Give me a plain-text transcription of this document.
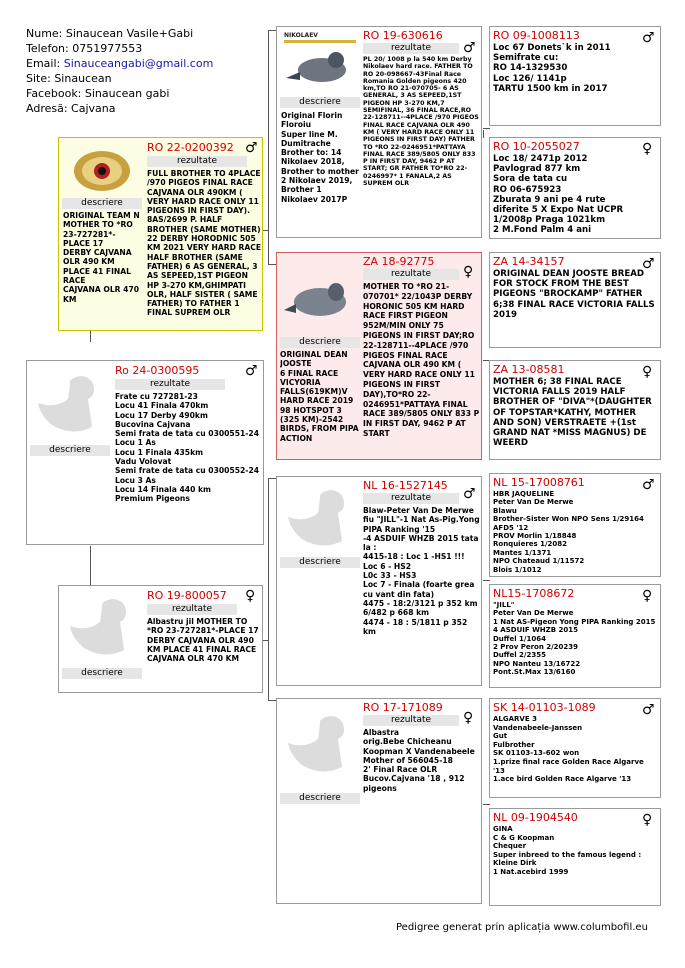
Nume: Sinaucean Vasile+Gabi
Telefon: 0751977553
Email: Sinauceangabi@gmail.com
Site: Sinaucean
Facebook: Sinaucean gabi
Adresă: Cajvana
descriere
ORIGINAL TEAM N
MOTHER TO *RO 23-727281*-PLACE 17
DERBY CAJVANA OLR 490 KM
PLACE 41 FINAL RACE
CAJVANA OLR 470 KM
RO 22-0200392 ♂
rezultate
FULL BROTHER TO 4PLACE /970 PIGEOS FINAL RACE CAJVANA OLR 490KM ( VERY HARD RACE ONLY 11 PIGEONS IN FIRST DAY). 8AS/2699 P. HALF BROTHER (SAME MOTHER) 22 DERBY HORODNIC 505 KM 2021 VERY HARD RACE HALF BROTHER (SAME FATHER) 6 AS GENERAL, 3 AS SEPEED,1ST PIGEON HP 3-270 KM,GHIMPATI OLR, HALF SISTER ( SAME FATHER) TO FATHER 1 FINAL SUPREM OLR
descriere
Ro 24-0300595	♂
rezultate
Frate cu 727281-23
Locu 41 Finala 470km
Locu 17 Derby 490km
Bucovina Cajvana
Semi frata de tata cu 0300551-24
Locu 1 As
Locu 1 Finala 435km
Vadu Volovat
Semi frate de tata cu 0300552-24
Locu 3 As
Locu 14 Finala 440 km
Premium Pigeons
descriere
RO 19-800057 ♀
rezultate
Albastru jil MOTHER TO *RO 23-727281*-PLACE 17 DERBY CAJVANA OLR 490 KM PLACE 41 FINAL RACE CAJVANA OLR 470 KM
NIKOLAEV
descriere
Original Florin Floroiu
Super line M. Dumitrache
Brother to: 14 Nikolaev 2018, Brother to mother 2 Nikolaev 2019, Brother 1 Nikolaev 2017P
RO 19-630616
♂
rezultate
PL 20/ 1008 p la 540 km Derby Nikolaev hard race. FATHER TO RO 20-098667-43Final Race Romania Golden pigeons 420 km,TO RO 21-070705- 6 AS GENERAL, 3 AS SEPEED,1ST PIGEON HP 3-270 KM,7 SEMIFINAL, 36 FINAL RACE,RO 22-128711--4PLACE /970 PIGEOS FINAL RACE CAJVANA OLR 490 KM ( VERY HARD RACE ONLY 11 PIGEONS IN FIRST DAY) FATHER TO *RO 22-0246951*PATTAYA FINAL RACE 389/5805 ONLY 833 P IN FIRST DAY, 9462 P AT START; GR FATHER TO*RO 22-0246997* 1 FANALA,2 AS SUPREM OLR
descriere
ORIGINAL DEAN JOOSTE
6 FINAL RACE VICYORIA FALLS(619KM)V HARD RACE 2019
98 HOTSPOT 3 (325 KM)-2542 BIRDS, FROM PIPA ACTION
ZA 18-92775
♀
rezultate
MOTHER TO *RO 21-070701* 22/1043P DERBY HORONIC 505 KM HARD RACE FIRST PIGEON 952M/MIN ONLY 75 PIGEONS IN FIRST DAY;RO 22-128711--4PLACE /970 PIGEOS FINAL RACE CAJVANA OLR 490 KM ( VERY HARD RACE ONLY 11 PIGEONS IN FIRST DAY),TO*RO 22-0246951*PATTAYA FINAL RACE 389/5805 ONLY 833 P IN FIRST DAY, 9462 P AT START
descriere
NL 16-1527145
♂
rezultate
Blaw-Peter Van De Merwe fiu "JILL"-1 Nat As-Pig.Yong PIPA Ranking '15
-4 ASDUIF WHZB 2015 tata la :
4415-18 : Loc 1 -HS1 !!!
Loc 6 - HS2
L0c 33 - HS3
Loc 7 - Finala (foarte grea cu vant din fata)
4475 - 18:2/3121 p 352 km
6/482 p 668 km
4474 - 18 : 5/1811 p 352 km
descriere
RO 17-171089
♀
rezultate
Albastra
orig.Bebe Chicheanu Koopman X Vandenabeele
Mother of 566045-18
2' Final Race OLR Bucov.Cajvana '18 , 912 pigeons
RO 09-1008113	♂
Loc 67 Donets`k in 2011
Semifrate cu:
RO 14-1329530
Loc 126/ 1141p
TARTU 1500 km in 2017
RO 10-2055027	♀
Loc 18/ 2471p 2012
Pavlograd 877 km
Sora de tata cu
RO 06-675923
Zburata 9 ani pe 4 rute
diferite 5 X Expo Nat UCPR
1/2008p Praga 1021km
2 M.Fond Palm 4 ani
ZA 14-34157	♂
ORIGINAL DEAN JOOSTE BREAD FOR STOCK FROM THE BEST PIGEONS "BROCKAMP" FATHER 6;38 FINAL RACE VICTORIA FALLS 2019
ZA 13-08581	♀
MOTHER 6; 38 FINAL RACE VICTORIA FALLS 2019 HALF BROTHER OF "DIVA"*(DAUGHTER OF TOPSTAR*KATHY, MOTHER AND SON) VERSTRAETE +(1st GRAND NAT *MISS MAGNUS) DE WEERD
NL 15-17008761	♂
HBR JAQUELINE
Peter Van De Merwe
Blawu
Brother-Sister Won NPO Sens 1/29164 AFD5 '12
PROV Morlin 1/18848
Ronquieres 1/2082
Mantes 1/1371
NPO Chateaud 1/11572
Blois 1/1012
NL15-1708672	♀
"JILL"
Peter Van De Merwe
1 Nat AS-Pigeon Yong PIPA Ranking 2015
4 ASDUIF WHZB 2015
Duffel 1/1064
2 Prov Peron 2/20239
Duffel 2/2355
NPO Nanteu 13/16722
Pont.St.Max 13/6160
SK 14-01103-1089	♂
ALGARVE 3
Vandenabeele-Janssen
Gut
Fulbrother
SK 01103-13-602 won
1.prize final race Golden Race Algarve '13
1.ace bird Golden Race Algarve '13
NL 09-1904540	♀
GINA
C & G Koopman
Chequer
Super inbreed to the famous legend : Kleine Dirk
1 Nat.acebird 1999
Pedigree generat prin aplicația www.columbofil.eu
